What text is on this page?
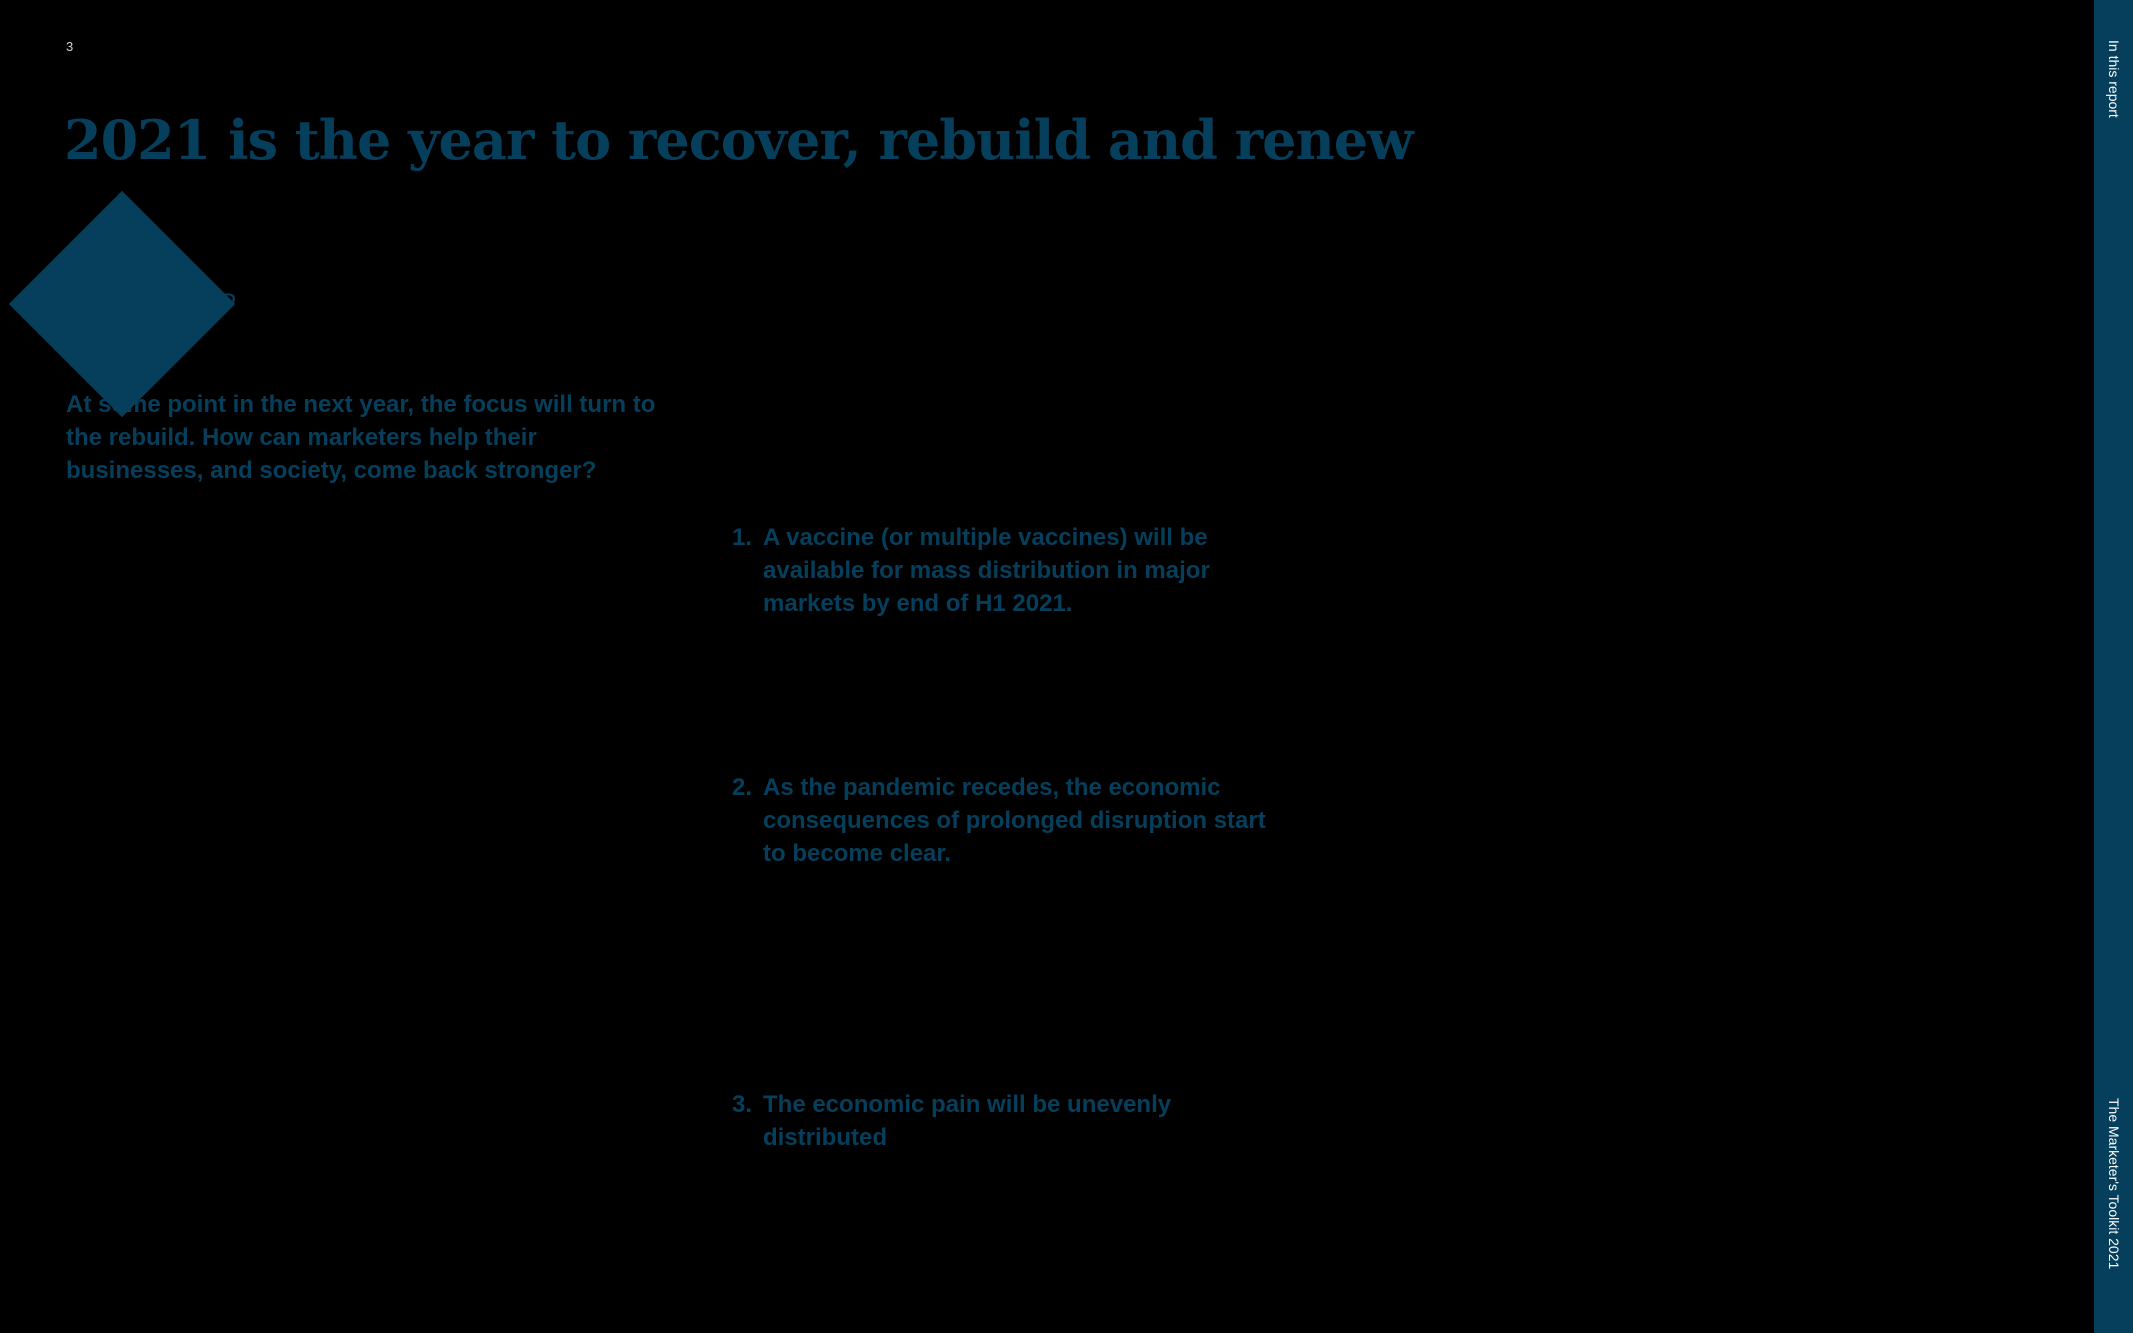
3
2021 is the year to recover, rebuild and renew
VP

At some point in the next year, the focus will turn to the rebuild. How can marketers help their businesses, and society, come back stronger?

1. A vaccine (or multiple vaccines) will be available for mass distribution in major markets by end of H1 2021.
2. As the pandemic recedes, the economic consequences of prolonged disruption start to become clear.
3. The economic pain will be unevenly distributed
In this report
The Marketer's Toolkit 2021
